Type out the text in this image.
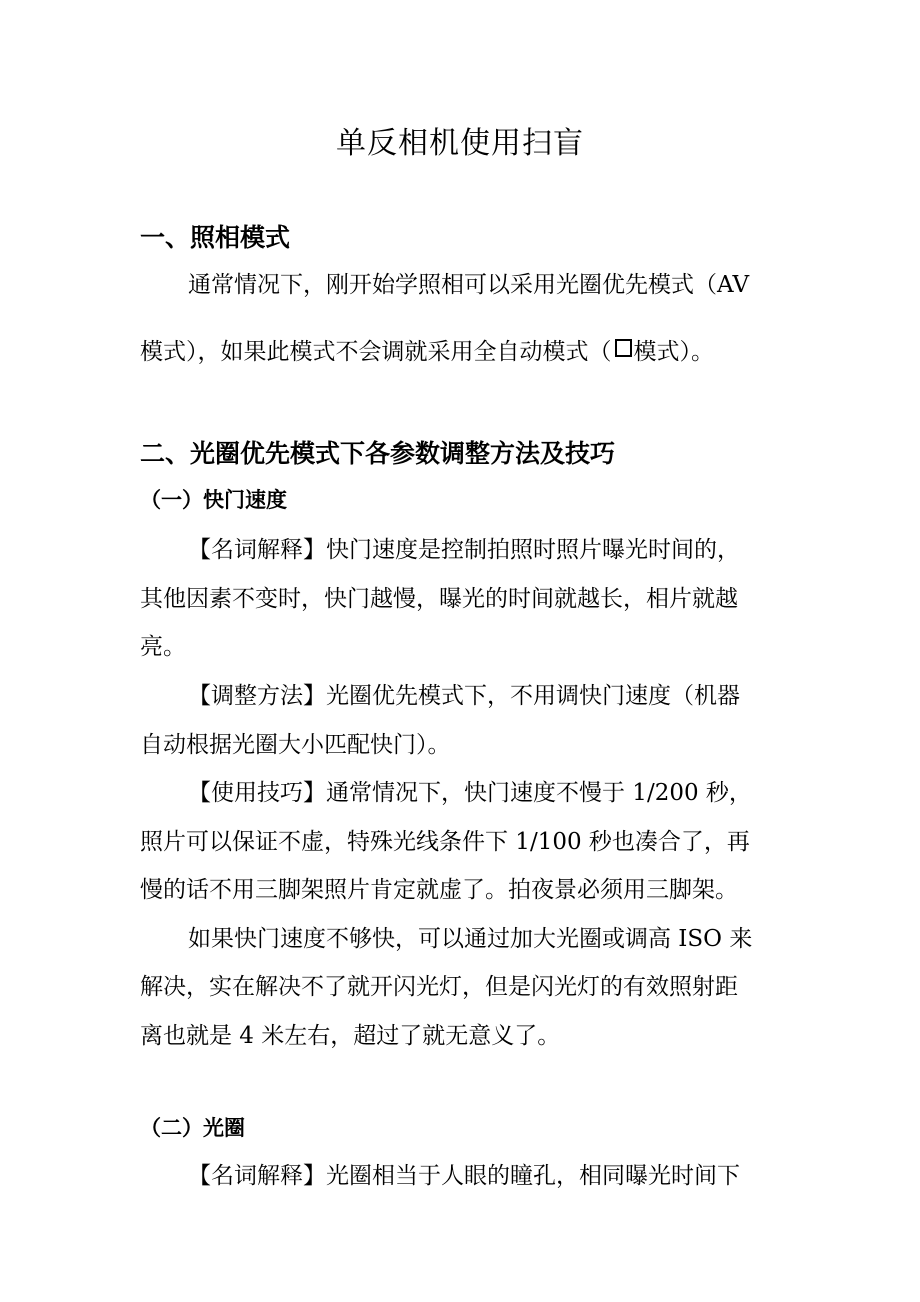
单反相机使用扫盲
一、照相模式
通常情况下，刚开始学照相可以采用光圈优先模式（AV
模式），如果此模式不会调就采用全自动模式（ 模式）。
二、光圈优先模式下各参数调整方法及技巧
（一）快门速度
【名词解释】快门速度是控制拍照时照片曝光时间的，
其他因素不变时，快门越慢，曝光的时间就越长，相片就越
亮。
【调整方法】光圈优先模式下，不用调快门速度（机器
自动根据光圈大小匹配快门）。
【使用技巧】通常情况下，快门速度不慢于 1/200 秒，
照片可以保证不虚，特殊光线条件下 1/100 秒也凑合了，再
慢的话不用三脚架照片肯定就虚了。拍夜景必须用三脚架。
如果快门速度不够快，可以通过加大光圈或调高 ISO 来
解决，实在解决不了就开闪光灯，但是闪光灯的有效照射距
离也就是 4 米左右，超过了就无意义了。
（二）光圈
【名词解释】光圈相当于人眼的瞳孔，相同曝光时间下
